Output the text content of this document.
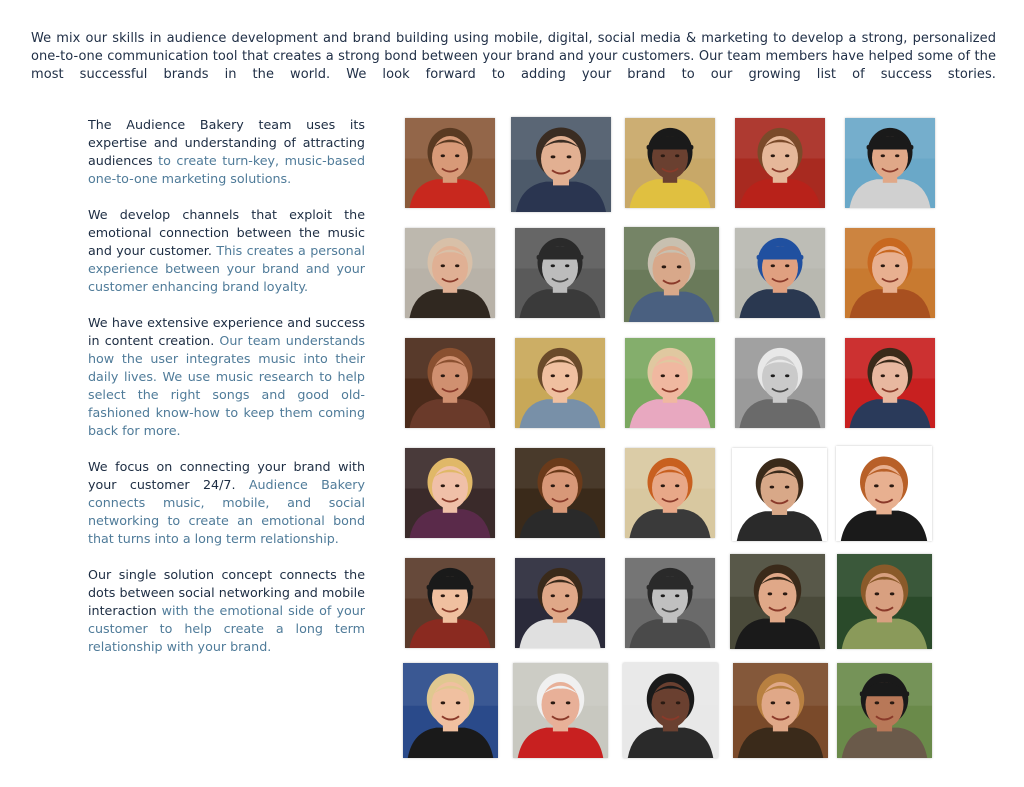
We mix our skills in audience development and brand building using mobile, digital, social media & marketing to develop a strong, personalized one-to-one communication tool that creates a strong bond between your brand and your customers. Our team members have helped some of the most successful brands in the world. We look forward to adding your brand to our growing list of success stories.

The Audience Bakery team uses its expertise and understanding of attracting audiences to create turn-key, music-based one-to-one marketing solutions.

We develop channels that exploit the emotional connection between the music and your customer. This creates a personal experience between your brand and your customer enhancing brand loyalty.

We have extensive experience and success in content creation. Our team understands how the user integrates music into their daily lives. We use music research to help select the right songs and good old-fashioned know-how to keep them coming back for more.

We focus on connecting your brand with your customer 24/7. Audience Bakery connects music, mobile, and social networking to create an emotional bond that turns into a long term relationship.

Our single solution concept connects the dots between social networking and mobile interaction with the emotional side of your customer to help create a long term relationship with your brand.
